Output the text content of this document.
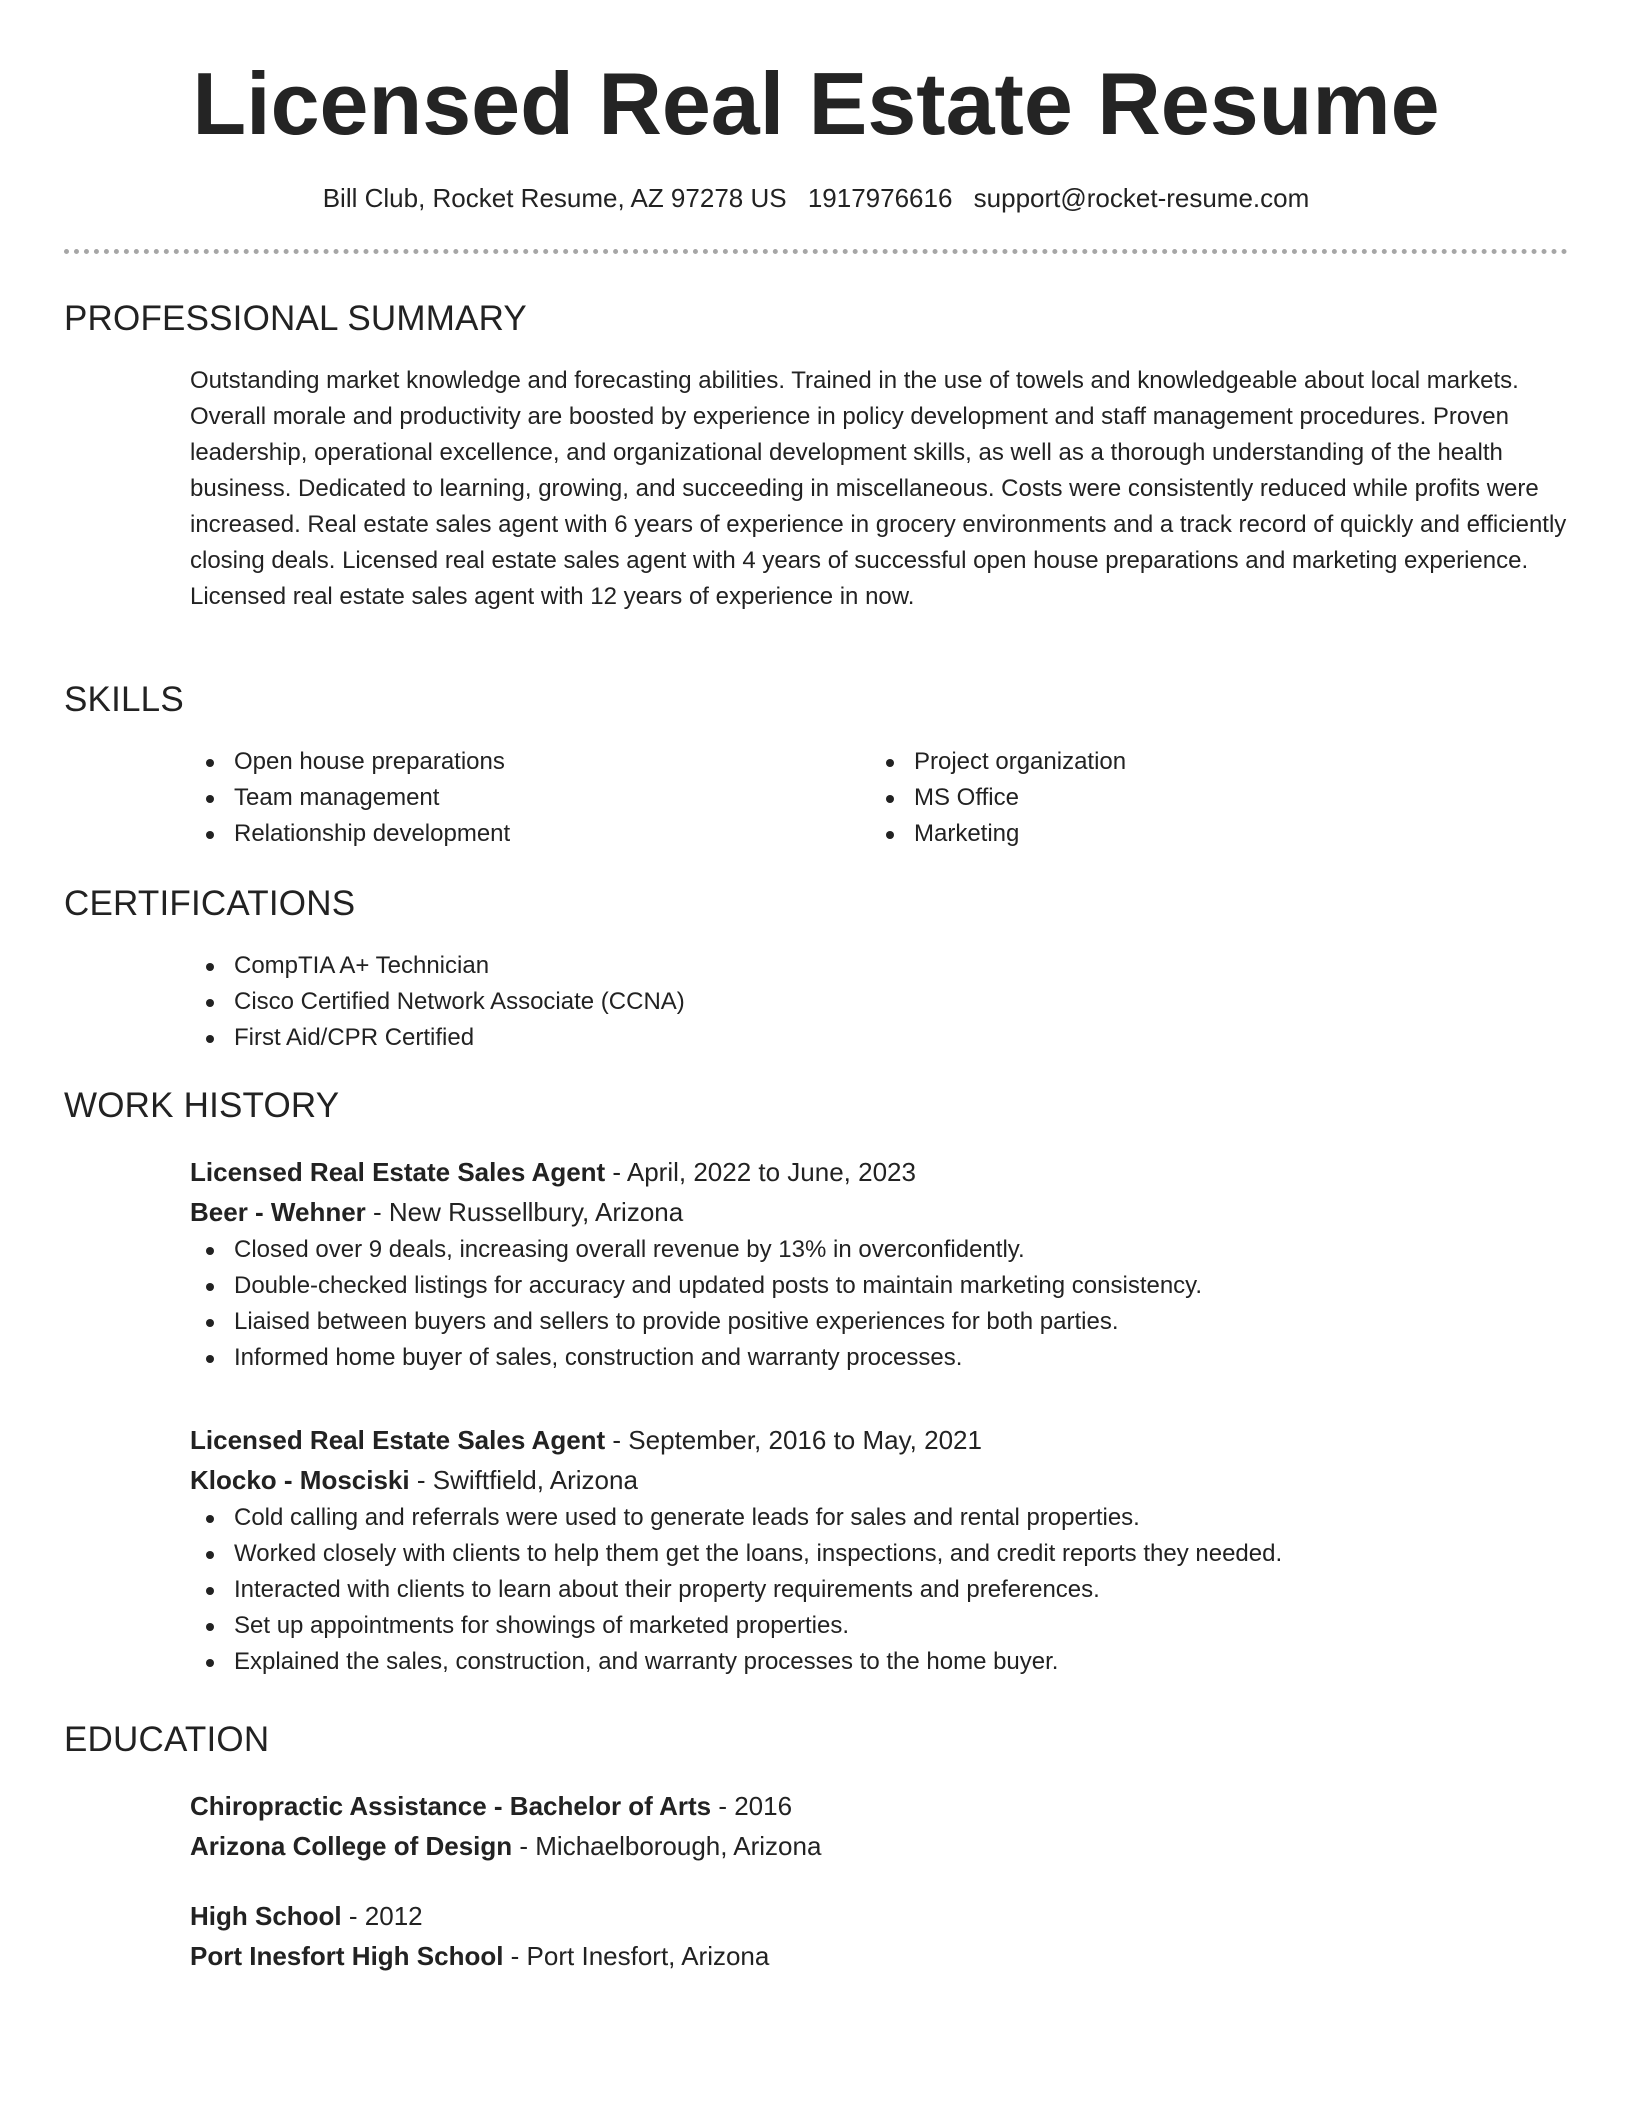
Licensed Real Estate Resume
Bill Club, Rocket Resume, AZ 97278 US 1917976616 support@rocket-resume.com
PROFESSIONAL SUMMARY

Outstanding market knowledge and forecasting abilities. Trained in the use of towels and knowledgeable about local markets. Overall morale and productivity are boosted by experience in policy development and staff management procedures. Proven leadership, operational excellence, and organizational development skills, as well as a thorough understanding of the health business. Dedicated to learning, growing, and succeeding in miscellaneous. Costs were consistently reduced while profits were increased. Real estate sales agent with 6 years of experience in grocery environments and a track record of quickly and efficiently closing deals. Licensed real estate sales agent with 4 years of successful open house preparations and marketing experience. Licensed real estate sales agent with 12 years of experience in now.

SKILLS
Open house preparations
Team management
Relationship development
Project organization
MS Office
Marketing
CERTIFICATIONS
CompTIA A+ Technician
Cisco Certified Network Associate (CCNA)
First Aid/CPR Certified
WORK HISTORY
Licensed Real Estate Sales Agent - April, 2022 to June, 2023
Beer - Wehner - New Russellbury, Arizona
Closed over 9 deals, increasing overall revenue by 13% in overconfidently.
Double-checked listings for accuracy and updated posts to maintain marketing consistency.
Liaised between buyers and sellers to provide positive experiences for both parties.
Informed home buyer of sales, construction and warranty processes.
Licensed Real Estate Sales Agent - September, 2016 to May, 2021
Klocko - Mosciski - Swiftfield, Arizona
Cold calling and referrals were used to generate leads for sales and rental properties.
Worked closely with clients to help them get the loans, inspections, and credit reports they needed.
Interacted with clients to learn about their property requirements and preferences.
Set up appointments for showings of marketed properties.
Explained the sales, construction, and warranty processes to the home buyer.
EDUCATION
Chiropractic Assistance - Bachelor of Arts - 2016
Arizona College of Design - Michaelborough, Arizona
High School - 2012
Port Inesfort High School - Port Inesfort, Arizona
